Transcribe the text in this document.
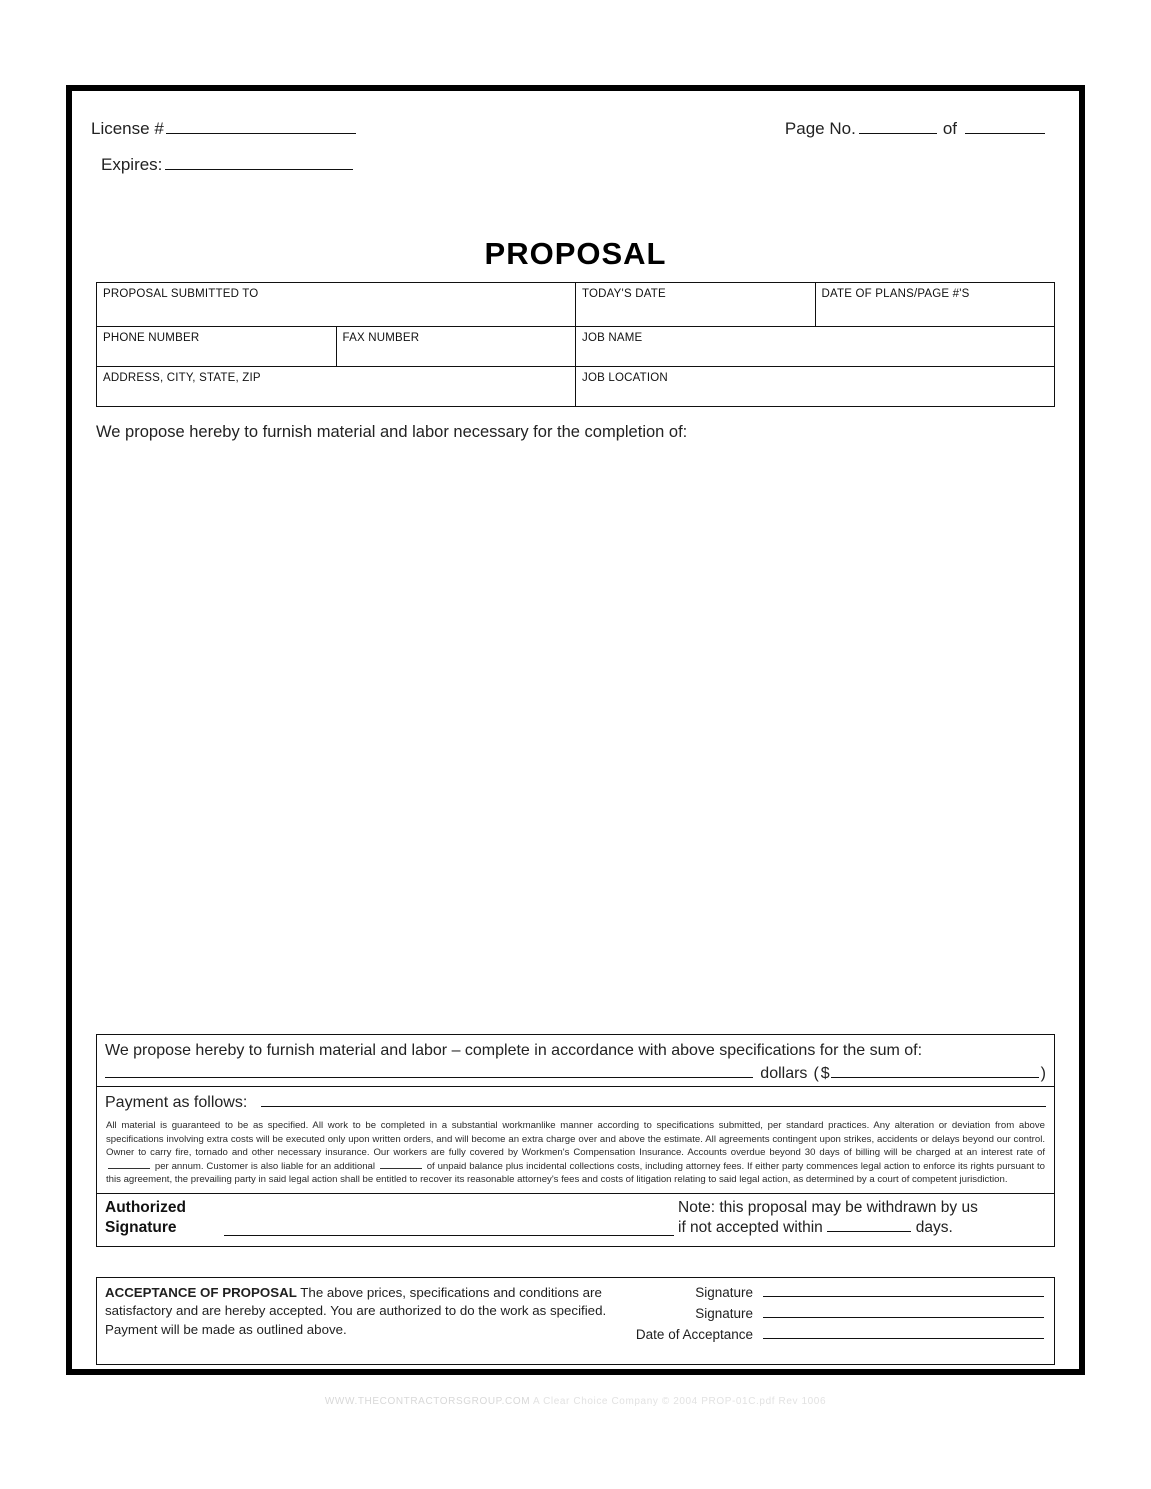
License #
Expires:
Page No.	of
PROPOSAL
PROPOSAL SUBMITTED TO		TODAY'S DATE	DATE OF PLANS/PAGE #'S
PHONE NUMBER	FAX NUMBER	JOB NAME	
ADDRESS, CITY, STATE, ZIP		JOB LOCATION	
We propose hereby to furnish material and labor necessary for the completion of:
We propose hereby to furnish material and labor – complete in accordance with above specifications for the sum of:
dollars ( $	)
Payment as follows:
All material is guaranteed to be as specified. All work to be completed in a substantial workmanlike manner according to specifications submitted, per standard practices. Any alteration or deviation from above specifications involving extra costs will be executed only upon written orders, and will become an extra charge over and above the estimate. All agreements contingent upon strikes, accidents or delays beyond our control. Owner to carry fire, tornado and other necessary insurance. Our workers are fully covered by Workmen's Compensation Insurance. Accounts overdue beyond 30 days of billing will be charged at an interest rate of  per annum. Customer is also liable for an additional	of unpaid balance plus incidental collections costs, including attorney fees. If either party commences legal action to enforce its rights pursuant to this agreement, the prevailing party in said legal action shall be entitled to recover its reasonable attorney's fees and costs of litigation relating to said legal action, as determined by a court of competent jurisdiction.
Authorized
Signature
Note: this proposal may be withdrawn by us
if not accepted within	days.
ACCEPTANCE OF PROPOSAL The above prices, specifications and conditions are satisfactory and are hereby accepted. You are authorized to do the work as specified. Payment will be made as outlined above.
Signature
Signature
Date of Acceptance
WWW.THECONTRACTORSGROUP.COM A Clear Choice Company © 2004 PROP-01C.pdf Rev 1006
